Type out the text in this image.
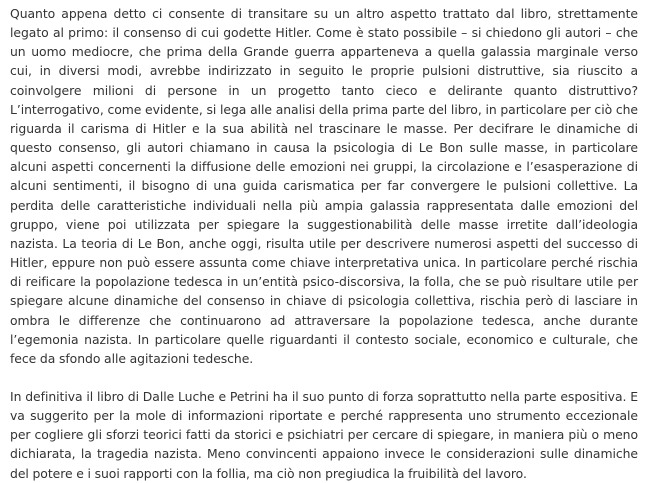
Quanto appena detto ci consente di transitare su un altro aspetto trattato dal libro, strettamente legato al primo: il consenso di cui godette Hitler. Come è stato possibile – si chiedono gli autori – che un uomo mediocre, che prima della Grande guerra apparteneva a quella galassia marginale verso cui, in diversi modi, avrebbe indirizzato in seguito le proprie pulsioni distruttive, sia riuscito a coinvolgere milioni di persone in un progetto tanto cieco e delirante quanto distruttivo? L’interrogativo, come evidente, si lega alle analisi della prima parte del libro, in particolare per ciò che riguarda il carisma di Hitler e la sua abilità nel trascinare le masse. Per decifrare le dinamiche di questo consenso, gli autori chiamano in causa la psicologia di Le Bon sulle masse, in particolare alcuni aspetti concernenti la diffusione delle emozioni nei gruppi, la circolazione e l’esasperazione di alcuni sentimenti, il bisogno di una guida carismatica per far convergere le pulsioni collettive. La perdita delle caratteristiche individuali nella più ampia galassia rappresentata dalle emozioni del gruppo, viene poi utilizzata per spiegare la suggestionabilità delle masse irretite dall’ideologia nazista. La teoria di Le Bon, anche oggi, risulta utile per descrivere numerosi aspetti del successo di Hitler, eppure non può essere assunta come chiave interpretativa unica. In particolare perché rischia di reificare la popolazione tedesca in un’entità psico-discorsiva, la folla, che se può risultare utile per spiegare alcune dinamiche del consenso in chiave di psicologia collettiva, rischia però di lasciare in ombra le differenze che continuarono ad attraversare la popolazione tedesca, anche durante l’egemonia nazista. In particolare quelle riguardanti il contesto sociale, economico e culturale, che fece da sfondo alle agitazioni tedesche.

In definitiva il libro di Dalle Luche e Petrini ha il suo punto di forza soprattutto nella parte espositiva. E va suggerito per la mole di informazioni riportate e perché rappresenta uno strumento eccezionale per cogliere gli sforzi teorici fatti da storici e psichiatri per cercare di spiegare, in maniera più o meno dichiarata, la tragedia nazista. Meno convincenti appaiono invece le considerazioni sulle dinamiche del potere e i suoi rapporti con la follia, ma ciò non pregiudica la fruibilità del lavoro.
